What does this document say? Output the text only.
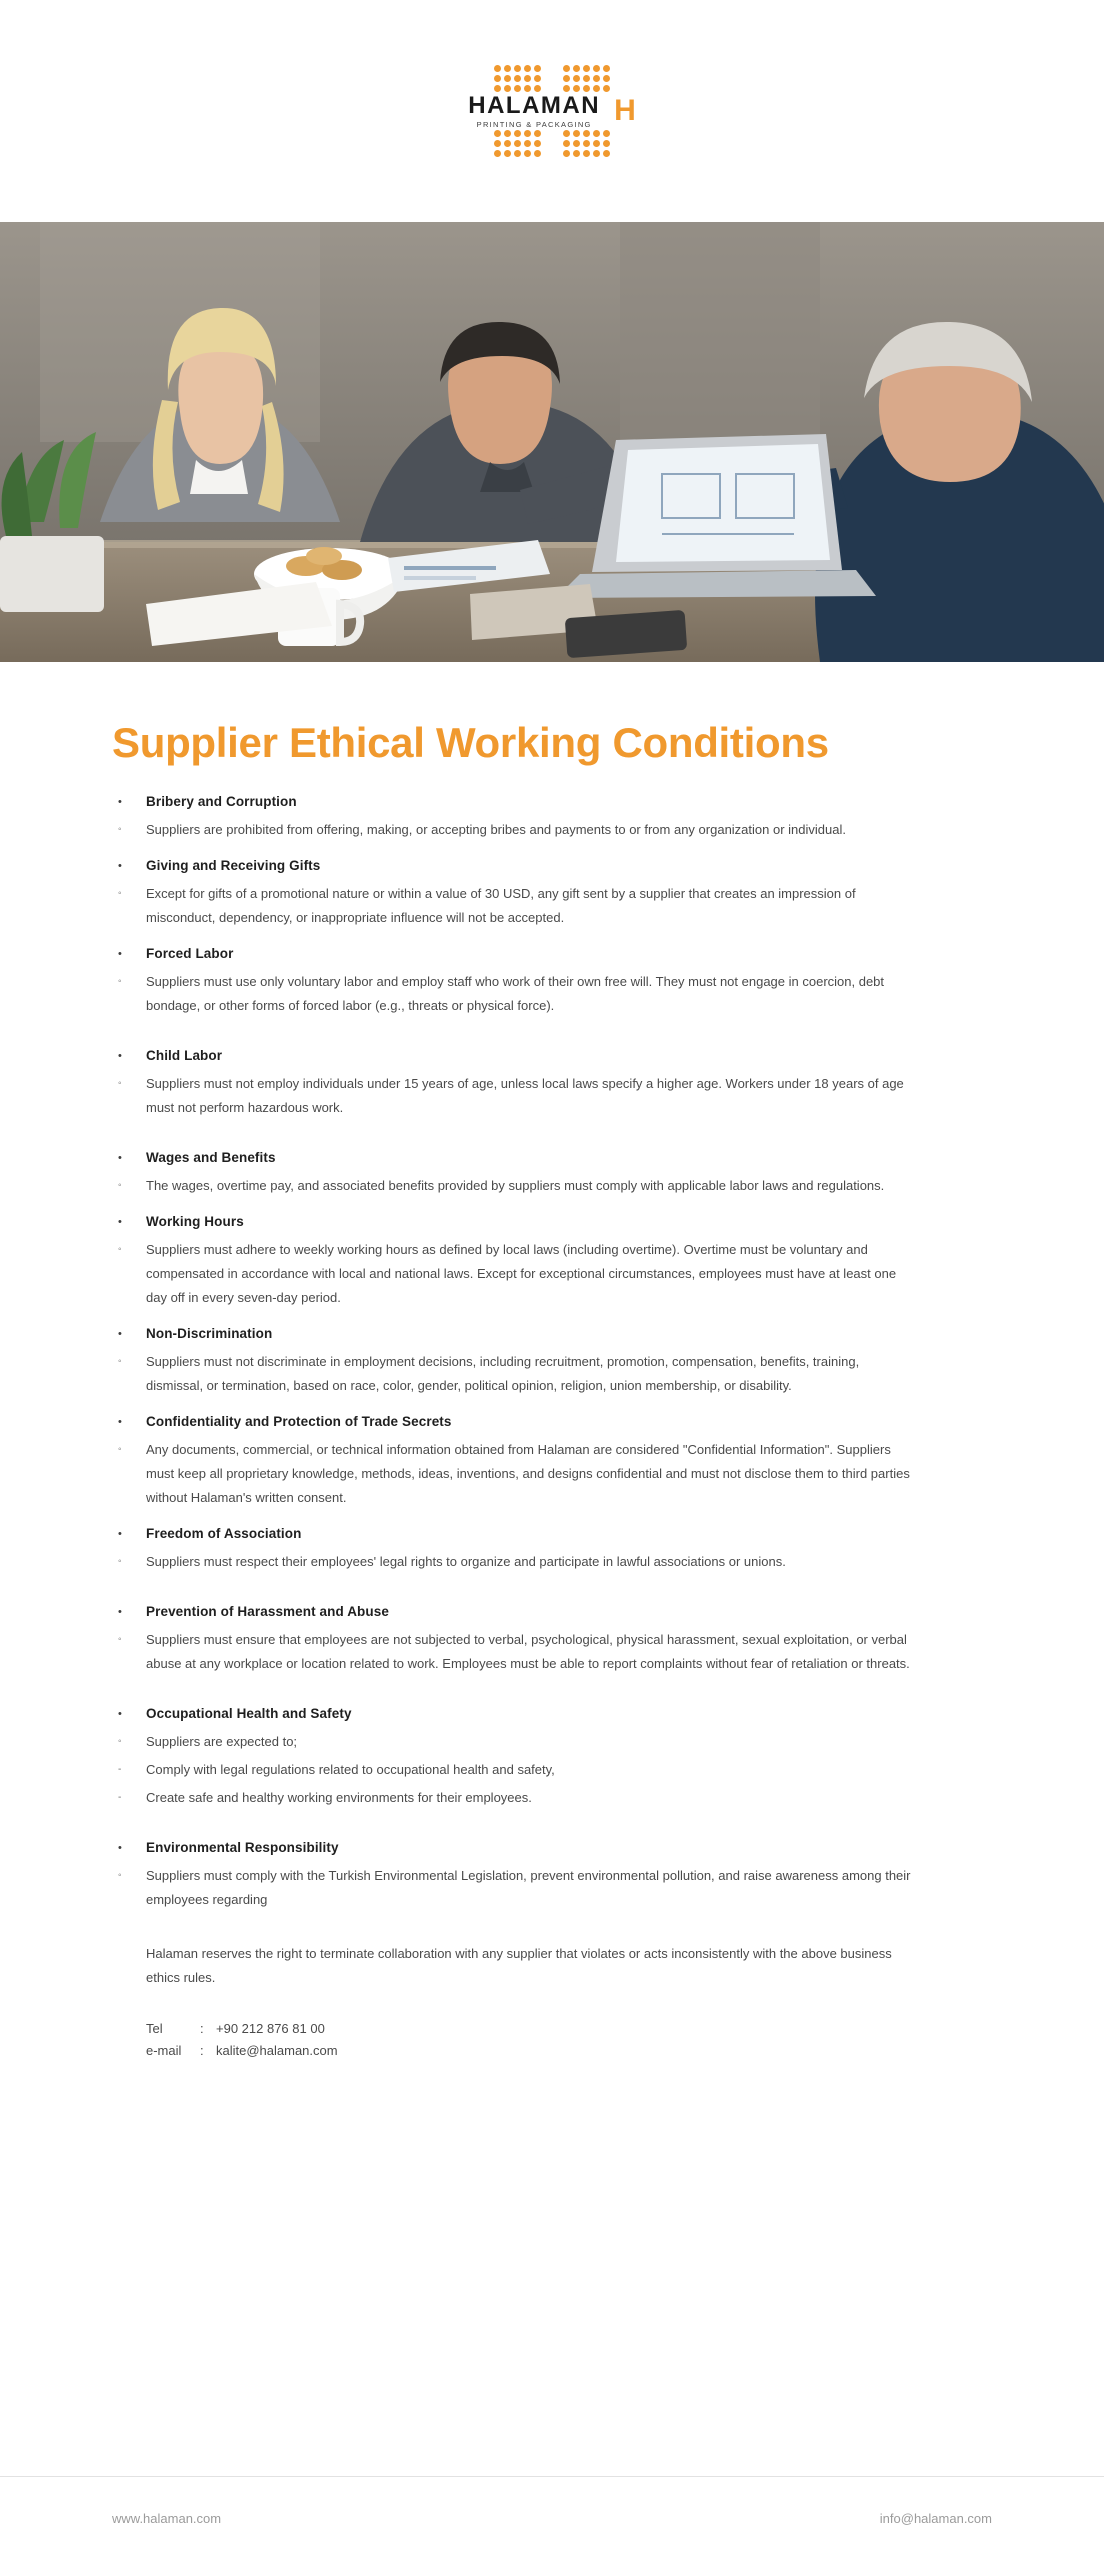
HALAMAN
PRINTING & PACKAGING H
Supplier Ethical Working Conditions
•	Bribery and Corruption
◦	Suppliers are prohibited from offering, making, or accepting bribes and payments to or from any organization or individual.
•	Giving and Receiving Gifts
◦	Except for gifts of a promotional nature or within a value of 30 USD, any gift sent by a supplier that creates an impression of misconduct, dependency, or inappropriate influence will not be accepted.
•	Forced Labor
◦	Suppliers must use only voluntary labor and employ staff who work of their own free will. They must not engage in coercion, debt bondage, or other forms of forced labor (e.g., threats or physical force).
•	Child Labor
◦	Suppliers must not employ individuals under 15 years of age, unless local laws specify a higher age. Workers under 18 years of age must not perform hazardous work.
•	Wages and Benefits
◦	The wages, overtime pay, and associated benefits provided by suppliers must comply with applicable labor laws and regulations.
•	Working Hours
◦	Suppliers must adhere to weekly working hours as defined by local laws (including overtime). Overtime must be voluntary and compensated in accordance with local and national laws. Except for exceptional circumstances, employees must have at least one day off in every seven-day period.
•	Non-Discrimination
◦	Suppliers must not discriminate in employment decisions, including recruitment, promotion, compensation, benefits, training, dismissal, or termination, based on race, color, gender, political opinion, religion, union membership, or disability.
•	Confidentiality and Protection of Trade Secrets
◦	Any documents, commercial, or technical information obtained from Halaman are considered "Confidential Information". Suppliers must keep all proprietary knowledge, methods, ideas, inventions, and designs confidential and must not disclose them to third parties without Halaman's written consent.
•	Freedom of Association
◦	Suppliers must respect their employees' legal rights to organize and participate in lawful associations or unions.
•	Prevention of Harassment and Abuse
◦	Suppliers must ensure that employees are not subjected to verbal, psychological, physical harassment, sexual exploitation, or verbal abuse at any workplace or location related to work. Employees must be able to report complaints without fear of retaliation or threats.
•	Occupational Health and Safety
◦	Suppliers are expected to;
-	Comply with legal regulations related to occupational health and safety,
-	Create safe and healthy working environments for their employees.
•	Environmental Responsibility
◦	Suppliers must comply with the Turkish Environmental Legislation, prevent environmental pollution, and raise awareness among their employees regarding
Halaman reserves the right to terminate collaboration with any supplier that violates or acts inconsistently with the above business ethics rules.
Tel	: +90 212 876 81 00
e-mail	: kalite@halaman.com
www.halaman.com	info@halaman.com
